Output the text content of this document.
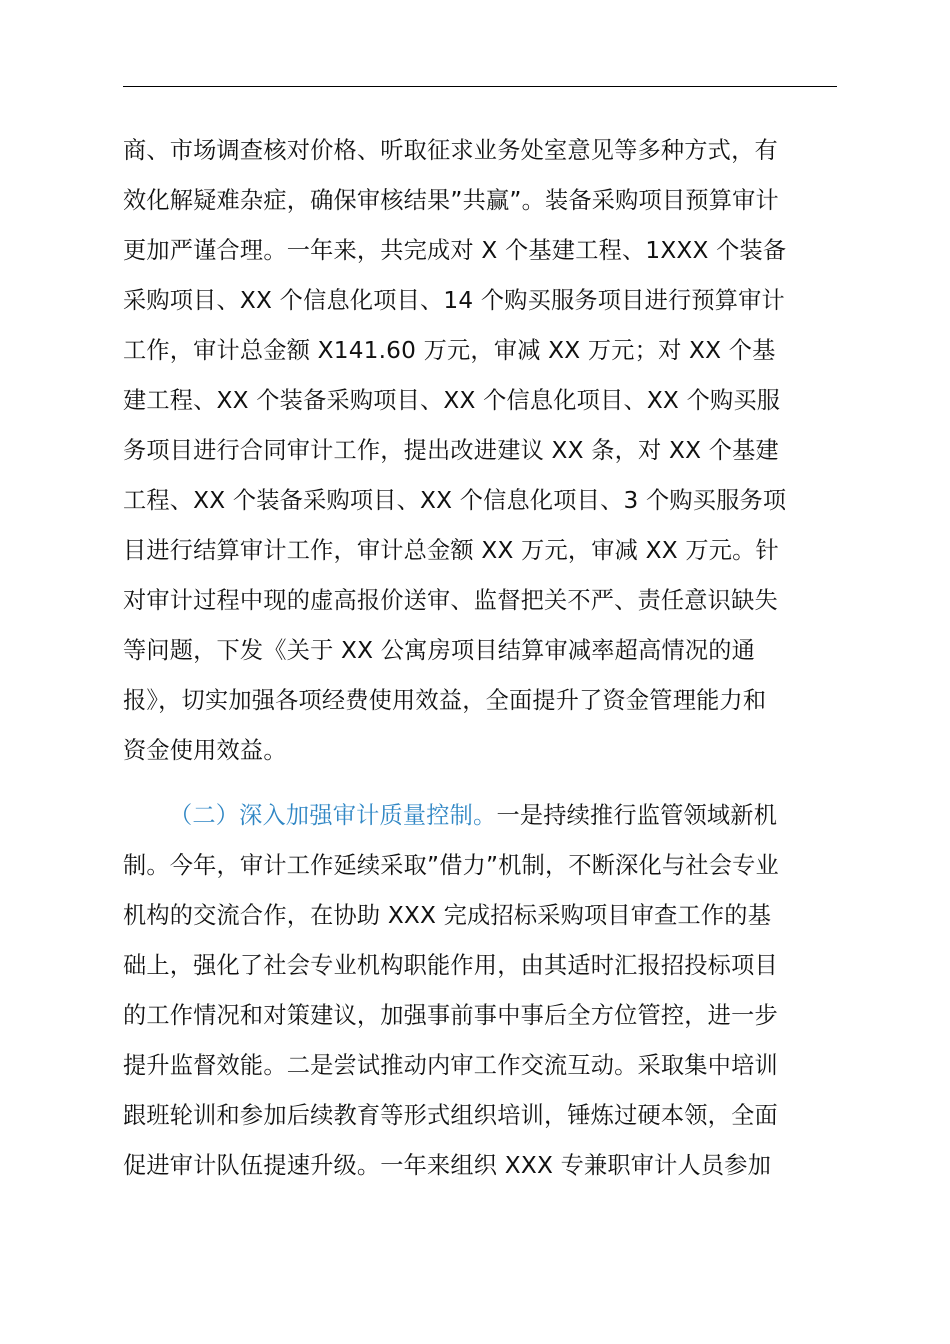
商、市场调查核对价格、听取征求业务处室意见等多种方式，有
效化解疑难杂症，确保审核结果”共赢”。装备采购项目预算审计
更加严谨合理。一年来，共完成对 X 个基建工程、1XXX 个装备
采购项目、XX 个信息化项目、14 个购买服务项目进行预算审计
工作，审计总金额 X141.60 万元，审减 XX 万元；对 XX 个基
建工程、XX 个装备采购项目、XX 个信息化项目、XX 个购买服
务项目进行合同审计工作，提出改进建议 XX 条，对 XX 个基建
工程、XX 个装备采购项目、XX 个信息化项目、3 个购买服务项
目进行结算审计工作，审计总金额 XX 万元，审减 XX 万元。针
对审计过程中现的虚高报价送审、监督把关不严、责任意识缺失
等问题，下发《关于 XX 公寓房项目结算审减率超高情况的通
报》，切实加强各项经费使用效益，全面提升了资金管理能力和
资金使用效益。
（二）深入加强审计质量控制。一是持续推行监管领域新机
制。今年，审计工作延续采取”借力”机制，不断深化与社会专业
机构的交流合作，在协助 XXX 完成招标采购项目审查工作的基
础上，强化了社会专业机构职能作用，由其适时汇报招投标项目
的工作情况和对策建议，加强事前事中事后全方位管控，进一步
提升监督效能。二是尝试推动内审工作交流互动。采取集中培训
跟班轮训和参加后续教育等形式组织培训，锤炼过硬本领，全面
促进审计队伍提速升级。一年来组织 XXX 专兼职审计人员参加
